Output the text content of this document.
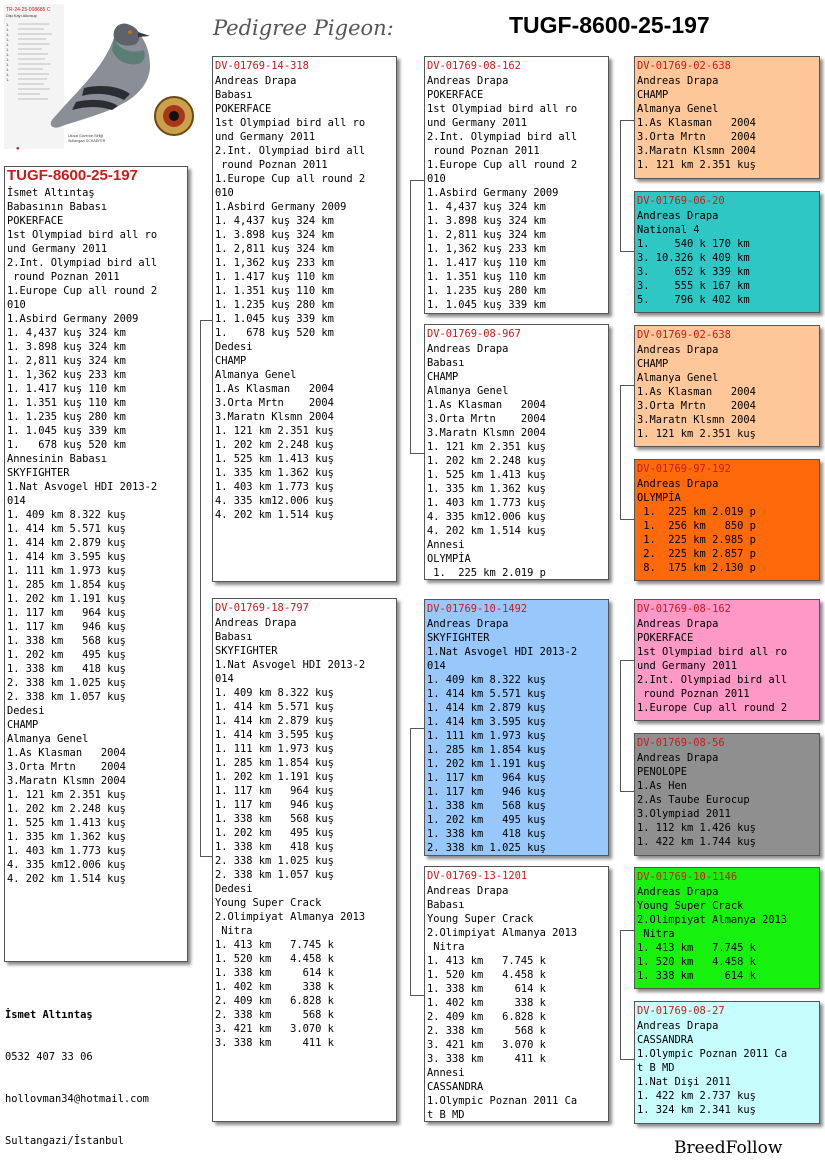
TR-24-25-008685 C
Dişi Kayı Alkosup
1.
1.
1.
1.
1.
1.
1.
1.
1.
1.
1.
1.
Ulusal Güvercin Birliği
Sultangazi SCHAEFER
●
Pedigree Pigeon:	TUGF-8600-25-197
TUGF-8600-25-197
İsmet Altıntaş
Babasının Babası
POKERFACE
1st Olympiad bird all ro
und Germany 2011
2.Int. Olympiad bird all
round Poznan 2011
1.Europe Cup all round 2
010
1.Asbird Germany 2009
1. 4,437 kuş 324 km
1. 3.898 kuş 324 km
1. 2,811 kuş 324 km
1. 1,362 kuş 233 km
1. 1.417 kuş 110 km
1. 1.351 kuş 110 km
1. 1.235 kuş 280 km
1. 1.045 kuş 339 km
1.   678 kuş 520 km
Annesinin Babası
SKYFIGHTER
1.Nat Asvogel HDI 2013-2
014
1. 409 km 8.322 kuş
1. 414 km 5.571 kuş
1. 414 km 2.879 kuş
1. 414 km 3.595 kuş
1. 111 km 1.973 kuş
1. 285 km 1.854 kuş
1. 202 km 1.191 kuş
1. 117 km   964 kuş
1. 117 km   946 kuş
1. 338 km   568 kuş
1. 202 km   495 kuş
1. 338 km   418 kuş
2. 338 km 1.025 kuş
2. 338 km 1.057 kuş
Dedesi
CHAMP
Almanya Genel
1.As Klasman   2004
3.Orta Mrtn    2004
3.Maratn Klsmn 2004
1. 121 km 2.351 kuş
1. 202 km 2.248 kuş
1. 525 km 1.413 kuş
1. 335 km 1.362 kuş
1. 403 km 1.773 kuş
4. 335 km12.006 kuş
4. 202 km 1.514 kuş
DV-01769-14-318
Andreas Drapa
Babası
POKERFACE
1st Olympiad bird all ro
und Germany 2011
2.Int. Olympiad bird all
round Poznan 2011
1.Europe Cup all round 2
010
1.Asbird Germany 2009
1. 4,437 kuş 324 km
1. 3.898 kuş 324 km
1. 2,811 kuş 324 km
1. 1,362 kuş 233 km
1. 1.417 kuş 110 km
1. 1.351 kuş 110 km
1. 1.235 kuş 280 km
1. 1.045 kuş 339 km
1.   678 kuş 520 km
Dedesi
CHAMP
Almanya Genel
1.As Klasman   2004
3.Orta Mrtn    2004
3.Maratn Klsmn 2004
1. 121 km 2.351 kuş
1. 202 km 2.248 kuş
1. 525 km 1.413 kuş
1. 335 km 1.362 kuş
1. 403 km 1.773 kuş
4. 335 km12.006 kuş
4. 202 km 1.514 kuş
DV-01769-18-797
Andreas Drapa
Babası
SKYFIGHTER
1.Nat Asvogel HDI 2013-2
014
1. 409 km 8.322 kuş
1. 414 km 5.571 kuş
1. 414 km 2.879 kuş
1. 414 km 3.595 kuş
1. 111 km 1.973 kuş
1. 285 km 1.854 kuş
1. 202 km 1.191 kuş
1. 117 km   964 kuş
1. 117 km   946 kuş
1. 338 km   568 kuş
1. 202 km   495 kuş
1. 338 km   418 kuş
2. 338 km 1.025 kuş
2. 338 km 1.057 kuş
Dedesi
Young Super Crack
2.Olimpiyat Almanya 2013
Nitra
1. 413 km   7.745 k
1. 520 km   4.458 k
1. 338 km     614 k
1. 402 km     338 k
2. 409 km   6.828 k
2. 338 km     568 k
3. 421 km   3.070 k
3. 338 km     411 k
DV-01769-08-162
Andreas Drapa
POKERFACE
1st Olympiad bird all ro
und Germany 2011
2.Int. Olympiad bird all
round Poznan 2011
1.Europe Cup all round 2
010
1.Asbird Germany 2009
1. 4,437 kuş 324 km
1. 3.898 kuş 324 km
1. 2,811 kuş 324 km
1. 1,362 kuş 233 km
1. 1.417 kuş 110 km
1. 1.351 kuş 110 km
1. 1.235 kuş 280 km
1. 1.045 kuş 339 km
DV-01769-08-967
Andreas Drapa
Babası
CHAMP
Almanya Genel
1.As Klasman   2004
3.Orta Mrtn    2004
3.Maratn Klsmn 2004
1. 121 km 2.351 kuş
1. 202 km 2.248 kuş
1. 525 km 1.413 kuş
1. 335 km 1.362 kuş
1. 403 km 1.773 kuş
4. 335 km12.006 kuş
4. 202 km 1.514 kuş
Annesi
OLYMPİA
1.  225 km 2.019 p
DV-01769-10-1492
Andreas Drapa
SKYFIGHTER
1.Nat Asvogel HDI 2013-2
014
1. 409 km 8.322 kuş
1. 414 km 5.571 kuş
1. 414 km 2.879 kuş
1. 414 km 3.595 kuş
1. 111 km 1.973 kuş
1. 285 km 1.854 kuş
1. 202 km 1.191 kuş
1. 117 km   964 kuş
1. 117 km   946 kuş
1. 338 km   568 kuş
1. 202 km   495 kuş
1. 338 km   418 kuş
2. 338 km 1.025 kuş
DV-01769-13-1201
Andreas Drapa
Babası
Young Super Crack
2.Olimpiyat Almanya 2013
Nitra
1. 413 km   7.745 k
1. 520 km   4.458 k
1. 338 km     614 k
1. 402 km     338 k
2. 409 km   6.828 k
2. 338 km     568 k
3. 421 km   3.070 k
3. 338 km     411 k
Annesi
CASSANDRA
1.Olympic Poznan 2011 Ca
t B MD
DV-01769-02-638
Andreas Drapa
CHAMP
Almanya Genel
1.As Klasman   2004
3.Orta Mrtn    2004
3.Maratn Klsmn 2004
1. 121 km 2.351 kuş
DV-01769-06-20
Andreas Drapa
National 4
1.    540 k 170 km
3. 10.326 k 409 km
3.    652 k 339 km
3.    555 k 167 km
5.    796 k 402 km
DV-01769-02-638
Andreas Drapa
CHAMP
Almanya Genel
1.As Klasman   2004
3.Orta Mrtn    2004
3.Maratn Klsmn 2004
1. 121 km 2.351 kuş
DV-01769-97-192
Andreas Drapa
OLYMPİA
1.  225 km 2.019 p
1.  256 km   850 p
1.  225 km 2.985 p
2.  225 km 2.857 p
8.  175 km 2.130 p
DV-01769-08-162
Andreas Drapa
POKERFACE
1st Olympiad bird all ro
und Germany 2011
2.Int. Olympiad bird all
round Poznan 2011
1.Europe Cup all round 2
DV-01769-08-56
Andreas Drapa
PENOLOPE
1.As Hen
2.As Taube Eurocup
3.Olympiad 2011
1. 112 km 1.426 kuş
1. 422 km 1.744 kuş
DV-01769-10-1146
Andreas Drapa
Young Super Crack
2.Olimpiyat Almanya 2013
Nitra
1. 413 km   7.745 k
1. 520 km   4.458 k
1. 338 km     614 k
DV-01769-08-27
Andreas Drapa
CASSANDRA
1.Olympic Poznan 2011 Ca
t B MD
1.Nat Dişi 2011
1. 422 km 2.737 kuş
1. 324 km 2.341 kuş

İsmet Altıntaş

0532 407 33 06

hollovman34@hotmail.com

Sultangazi/İstanbul	BreedFollow
